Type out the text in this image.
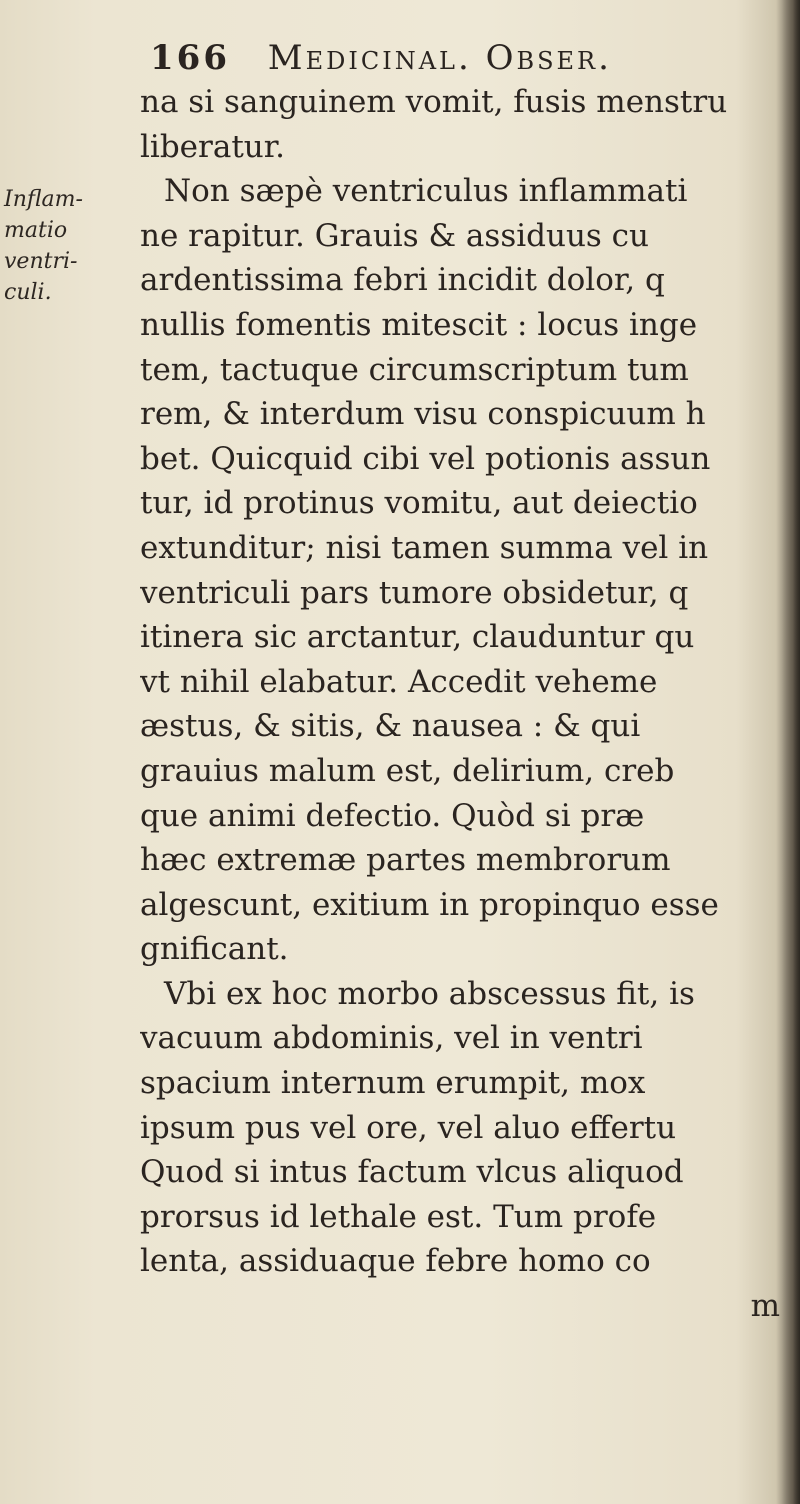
166 Medicinal. Obser.
Inflam-
matio
ventri-
culi.
na si sanguinem vomit, fusis menstru
liberatur.
Non sæpè ventriculus inflammati
ne rapitur. Grauis & assiduus cu
ardentissima febri incidit dolor, q
nullis fomentis mitescit : locus inge
tem, tactuque circumscriptum tum
rem, & interdum visu conspicuum h
bet. Quicquid cibi vel potionis assun
tur, id protinus vomitu, aut deiectio
extunditur; nisi tamen summa vel in
ventriculi pars tumore obsidetur, q
itinera sic arctantur, clauduntur qu
vt nihil elabatur. Accedit veheme
æstus, & sitis, & nausea : & qui
grauius malum est, delirium, creb
que animi defectio. Quòd si præ
hæc extremæ partes membrorum
algescunt, exitium in propinquo esse
gnificant.
Vbi ex hoc morbo abscessus fit, is
vacuum abdominis, vel in ventri
spacium internum erumpit, mox
ipsum pus vel ore, vel aluo effertu
Quod si intus factum vlcus aliquod
prorsus id lethale est. Tum profe
lenta, assiduaque febre homo co
m
